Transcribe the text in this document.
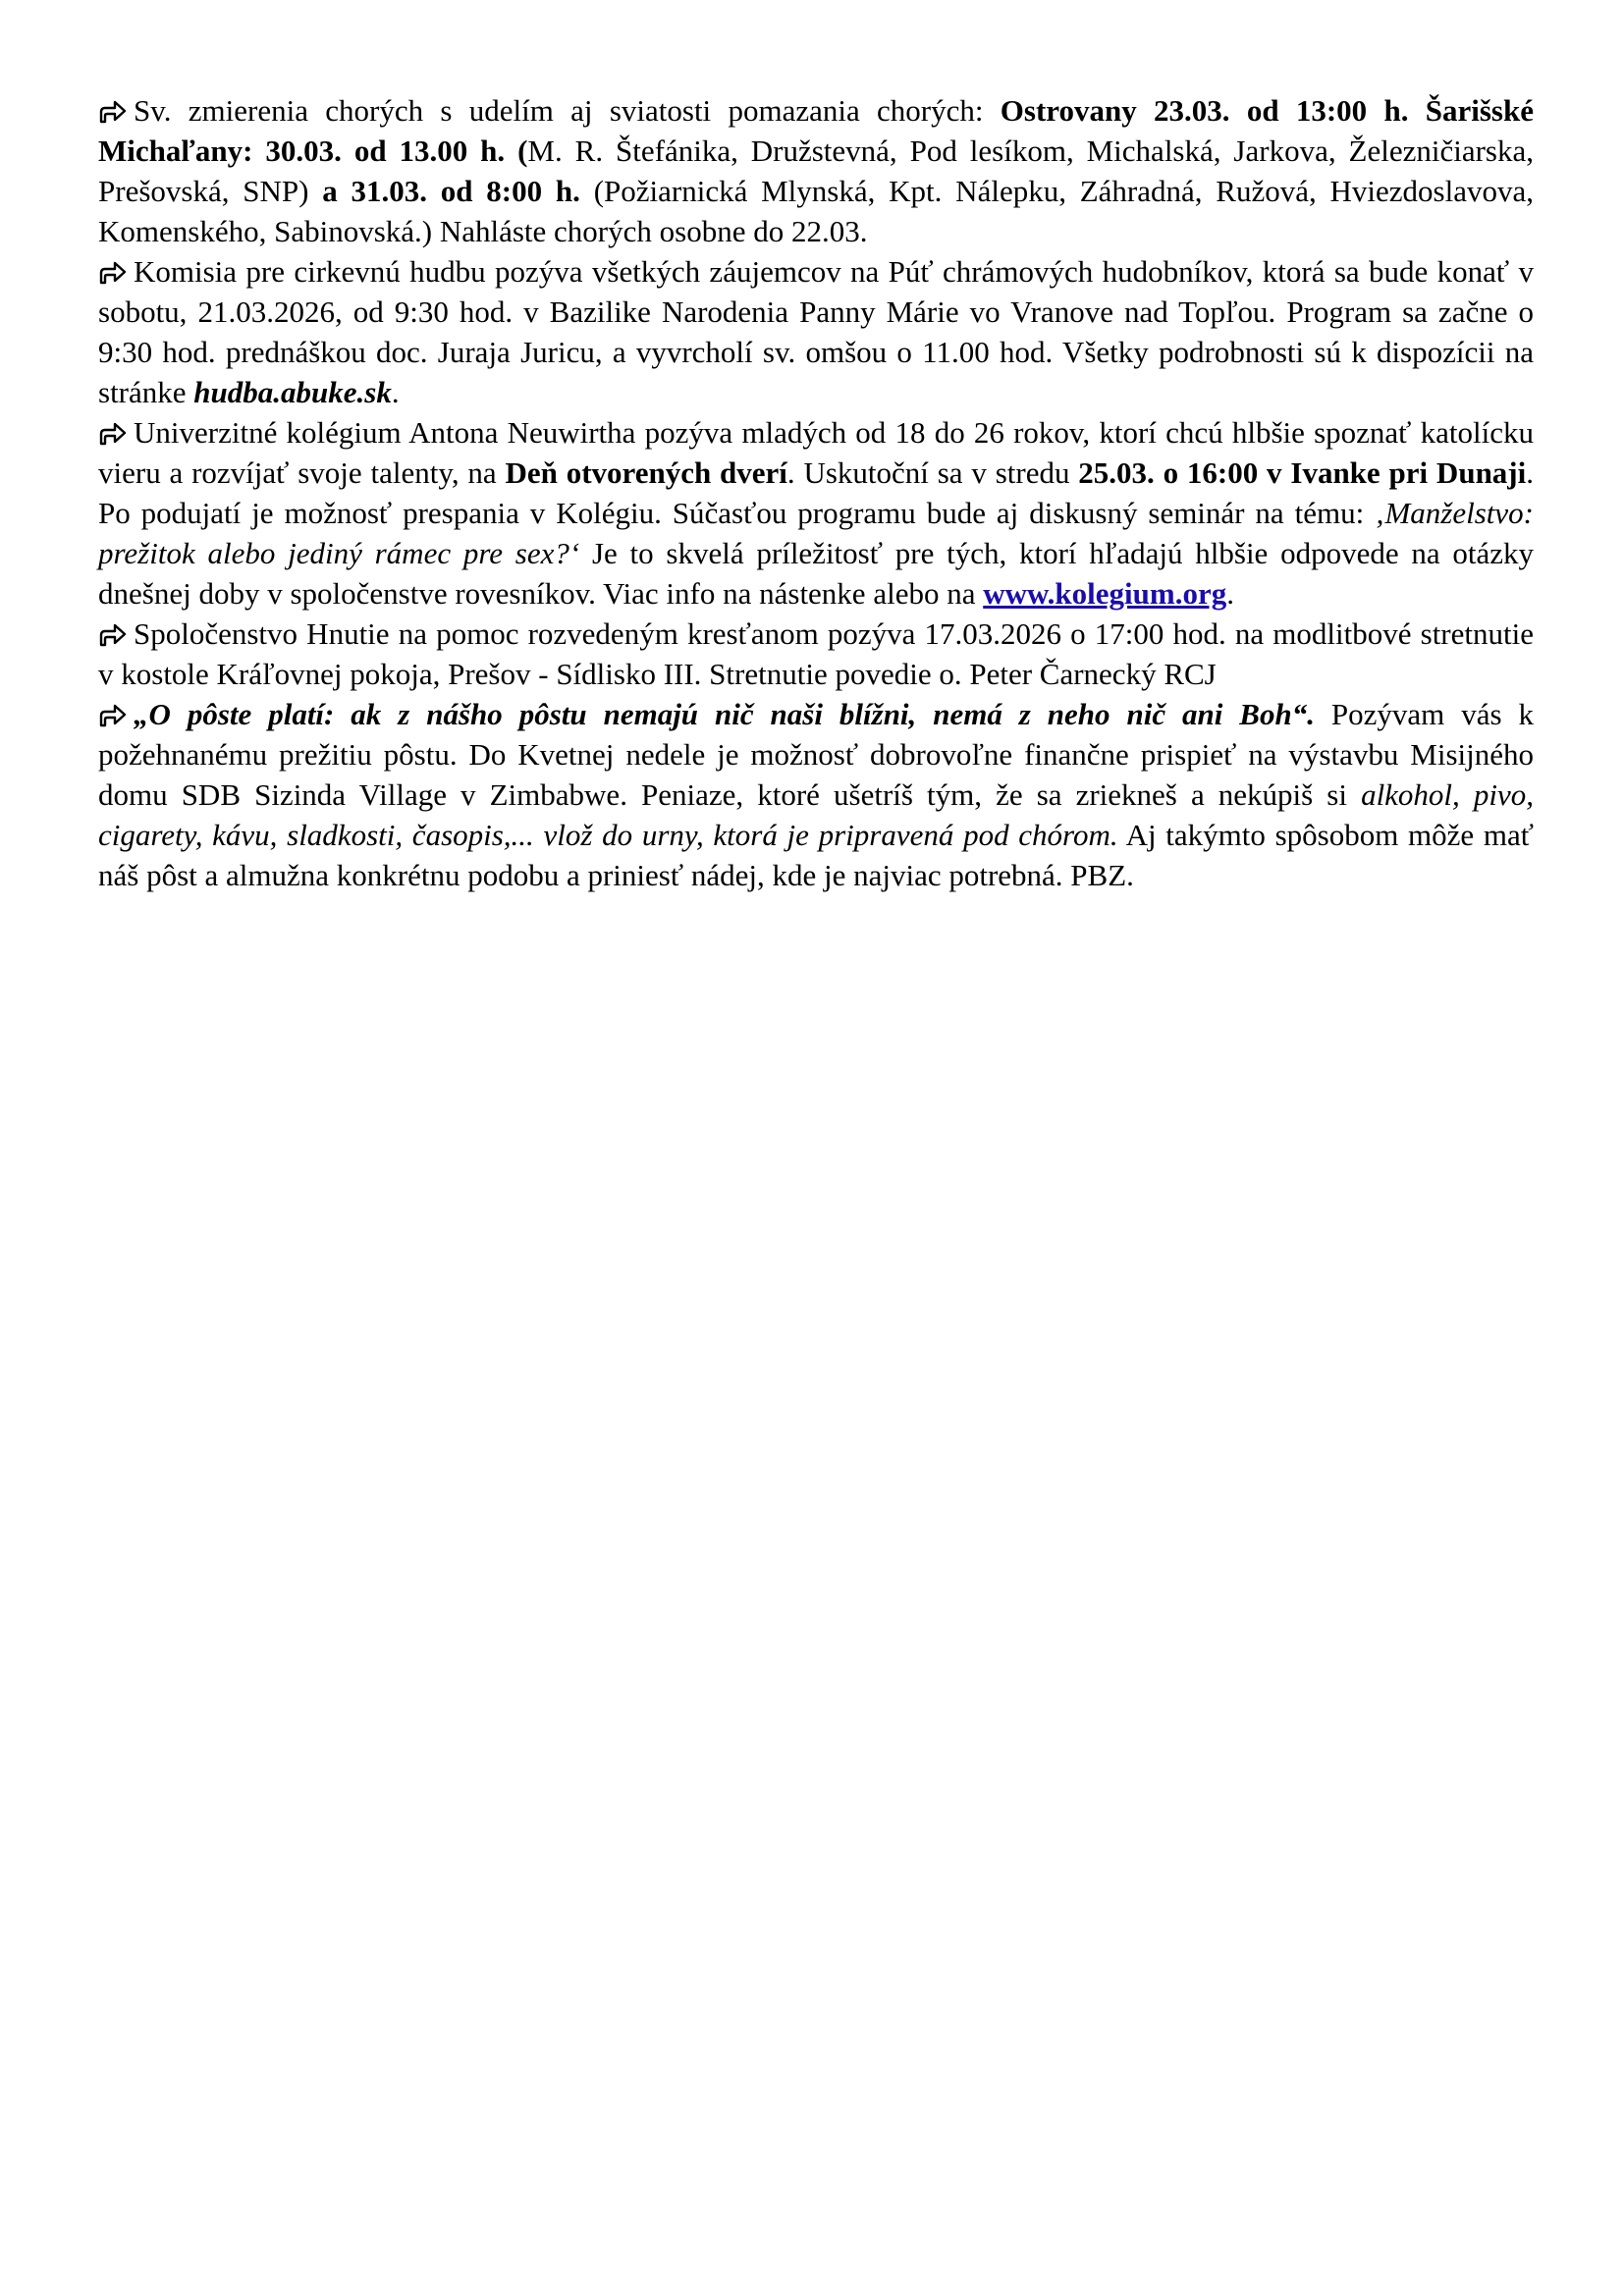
Sv. zmierenia chorých s udelím aj sviatosti pomazania chorých: Ostrovany 23.03. od 13:00 h. Šarišské Michaľany: 30.03. od 13.00 h. (M. R. Štefánika, Družstevná, Pod lesíkom, Michalská, Jarkova, Železničiarska, Prešovská, SNP) a 31.03. od 8:00 h. (Požiarnická Mlynská, Kpt. Nálepku, Záhradná, Ružová, Hviezdoslavova, Komenského, Sabinovská.) Nahláste chorých osobne do 22.03.

Komisia pre cirkevnú hudbu pozýva všetkých záujemcov na Púť chrámových hudobníkov, ktorá sa bude konať v sobotu, 21.03.2026, od 9:30 hod. v Bazilike Narodenia Panny Márie vo Vranove nad Topľou. Program sa začne o 9:30 hod. prednáškou doc. Juraja Juricu, a vyvrcholí sv. omšou o 11.00 hod. Všetky podrobnosti sú k dispozícii na stránke hudba.abuke.sk.

Univerzitné kolégium Antona Neuwirtha pozýva mladých od 18 do 26 rokov, ktorí chcú hlbšie spoznať katolícku vieru a rozvíjať svoje talenty, na Deň otvorených dverí. Uskutoční sa v stredu 25.03. o 16:00 v Ivanke pri Dunaji. Po podujatí je možnosť prespania v Kolégiu. Súčasťou programu bude aj diskusný seminár na tému: ‚Manželstvo: prežitok alebo jediný rámec pre sex?‘ Je to skvelá príležitosť pre tých, ktorí hľadajú hlbšie odpovede na otázky dnešnej doby v spoločenstve rovesníkov. Viac info na nástenke alebo na www.kolegium.org.

Spoločenstvo Hnutie na pomoc rozvedeným kresťanom pozýva 17.03.2026 o 17:00 hod. na modlitbové stretnutie v kostole Kráľovnej pokoja, Prešov - Sídlisko III. Stretnutie povedie o. Peter Čarnecký RCJ

„O pôste platí: ak z nášho pôstu nemajú nič naši blížni, nemá z neho nič ani Boh“. Pozývam vás k požehnanému prežitiu pôstu. Do Kvetnej nedele je možnosť dobrovoľne finančne prispieť na výstavbu Misijného domu SDB Sizinda Village v Zimbabwe. Peniaze, ktoré ušetríš tým, že sa zriekneš a nekúpiš si alkohol, pivo, cigarety, kávu, sladkosti, časopis,... vlož do urny, ktorá je pripravená pod chórom. Aj takýmto spôsobom môže mať náš pôst a almužna konkrétnu podobu a priniesť nádej, kde je najviac potrebná. PBZ.
